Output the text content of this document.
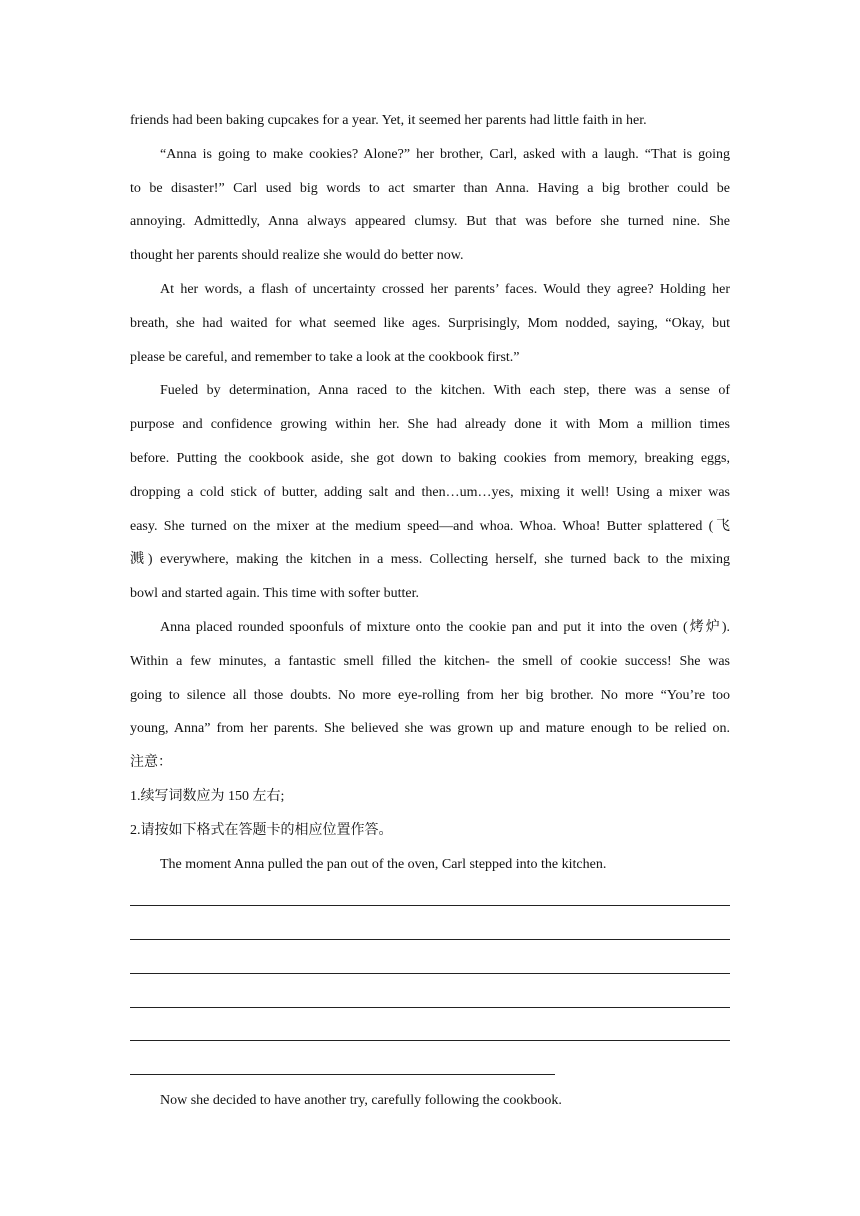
friends had been baking cupcakes for a year. Yet, it seemed her parents had little faith in her.
“Anna is going to make cookies? Alone?” her brother, Carl, asked with a laugh. “That is going
to be disaster!” Carl used big words to act smarter than Anna. Having a big brother could be
annoying. Admittedly, Anna always appeared clumsy. But that was before she turned nine. She
thought her parents should realize she would do better now.
At her words, a flash of uncertainty crossed her parents’ faces. Would they agree? Holding her
breath, she had waited for what seemed like ages. Surprisingly, Mom nodded, saying, “Okay, but
please be careful, and remember to take a look at the cookbook first.”
Fueled by determination, Anna raced to the kitchen. With each step, there was a sense of
purpose and confidence growing within her. She had already done it with Mom a million times
before. Putting the cookbook aside, she got down to baking cookies from memory, breaking eggs,
dropping a cold stick of butter, adding salt and then…um…yes, mixing it well! Using a mixer was
easy. She turned on the mixer at the medium speed—and whoa. Whoa. Whoa! Butter splattered (飞
溅) everywhere, making the kitchen in a mess. Collecting herself, she turned back to the mixing
bowl and started again. This time with softer butter.
Anna placed rounded spoonfuls of mixture onto the cookie pan and put it into the oven (烤炉).
Within a few minutes, a fantastic smell filled the kitchen- the smell of cookie success! She was
going to silence all those doubts. No more eye-rolling from her big brother. No more “You’re too
young, Anna” from her parents. She believed she was grown up and mature enough to be relied on.
注意：
1.续写词数应为 150 左右;
2.请按如下格式在答题卡的相应位置作答。
The moment Anna pulled the pan out of the oven, Carl stepped into the kitchen.
Now she decided to have another try, carefully following the cookbook.
